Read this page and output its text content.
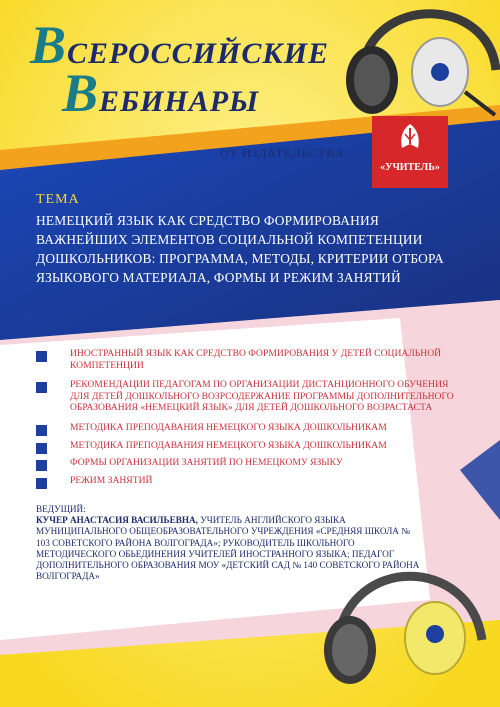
ВСЕРОССИЙСКИЕ
ВЕБИНАРЫ
ОТ ИЗДАТЕЛЬСТВА
«УЧИТЕЛЬ»
ТЕМА
НЕМЕЦКИЙ ЯЗЫК КАК СРЕДСТВО ФОРМИРОВАНИЯ ВАЖНЕЙШИХ ЭЛЕМЕНТОВ СОЦИАЛЬНОЙ КОМПЕТЕНЦИИ ДОШКОЛЬНИКОВ: ПРОГРАММА, МЕТОДЫ, КРИТЕРИИ ОТБОРА ЯЗЫКОВОГО МАТЕРИАЛА, ФОРМЫ И РЕЖИМ ЗАНЯТИЙ
ИНОСТРАННЫЙ ЯЗЫК КАК СРЕДСТВО ФОРМИРОВАНИЯ У ДЕТЕЙ СОЦИАЛЬНОЙ КОМПЕТЕНЦИИ
РЕКОМЕНДАЦИИ ПЕДАГОГАМ ПО ОРГАНИЗАЦИИ ДИСТАНЦИОННОГО ОБУЧЕНИЯ ДЛЯ ДЕТЕЙ ДОШКОЛЬНОГО ВОЗРСОДЕРЖАНИЕ ПРОГРАММЫ ДОПОЛНИТЕЛЬНОГО ОБРАЗОВАНИЯ «НЕМЕЦКИЙ ЯЗЫК» ДЛЯ ДЕТЕЙ ДОШКОЛЬНОГО ВОЗРАСТАСТА
МЕТОДИКА ПРЕПОДАВАНИЯ НЕМЕЦКОГО ЯЗЫКА ДОШКОЛЬНИКАМ
МЕТОДИКА ПРЕПОДАВАНИЯ НЕМЕЦКОГО ЯЗЫКА ДОШКОЛЬНИКАМ
ФОРМЫ ОРГАНИЗАЦИИ ЗАНЯТИЙ ПО НЕМЕЦКОМУ ЯЗЫКУ
РЕЖИМ ЗАНЯТИЙ
ВЕДУЩИЙ:
КУЧЕР АНАСТАСИЯ ВАСИЛЬЕВНА, УЧИТЕЛЬ АНГЛИЙСКОГО ЯЗЫКА МУНИЦИПАЛЬНОГО ОБЩЕОБРАЗОВАТЕЛЬНОГО УЧРЕЖДЕНИЯ «СРЕДНЯЯ ШКОЛА № 103 СОВЕТСКОГО РАЙОНА ВОЛГОГРАДА»; РУКОВОДИТЕЛЬ ШКОЛЬНОГО МЕТОДИЧЕСКОГО ОБЬЕДИНЕНИЯ УЧИТЕЛЕЙ ИНОСТРАННОГО ЯЗЫКА; ПЕДАГОГ ДОПОЛНИТЕЛЬНОГО ОБРАЗОВАНИЯ МОУ «ДЕТСКИЙ САД № 140 СОВЕТСКОГО РАЙОНА ВОЛГОГРАДА»
